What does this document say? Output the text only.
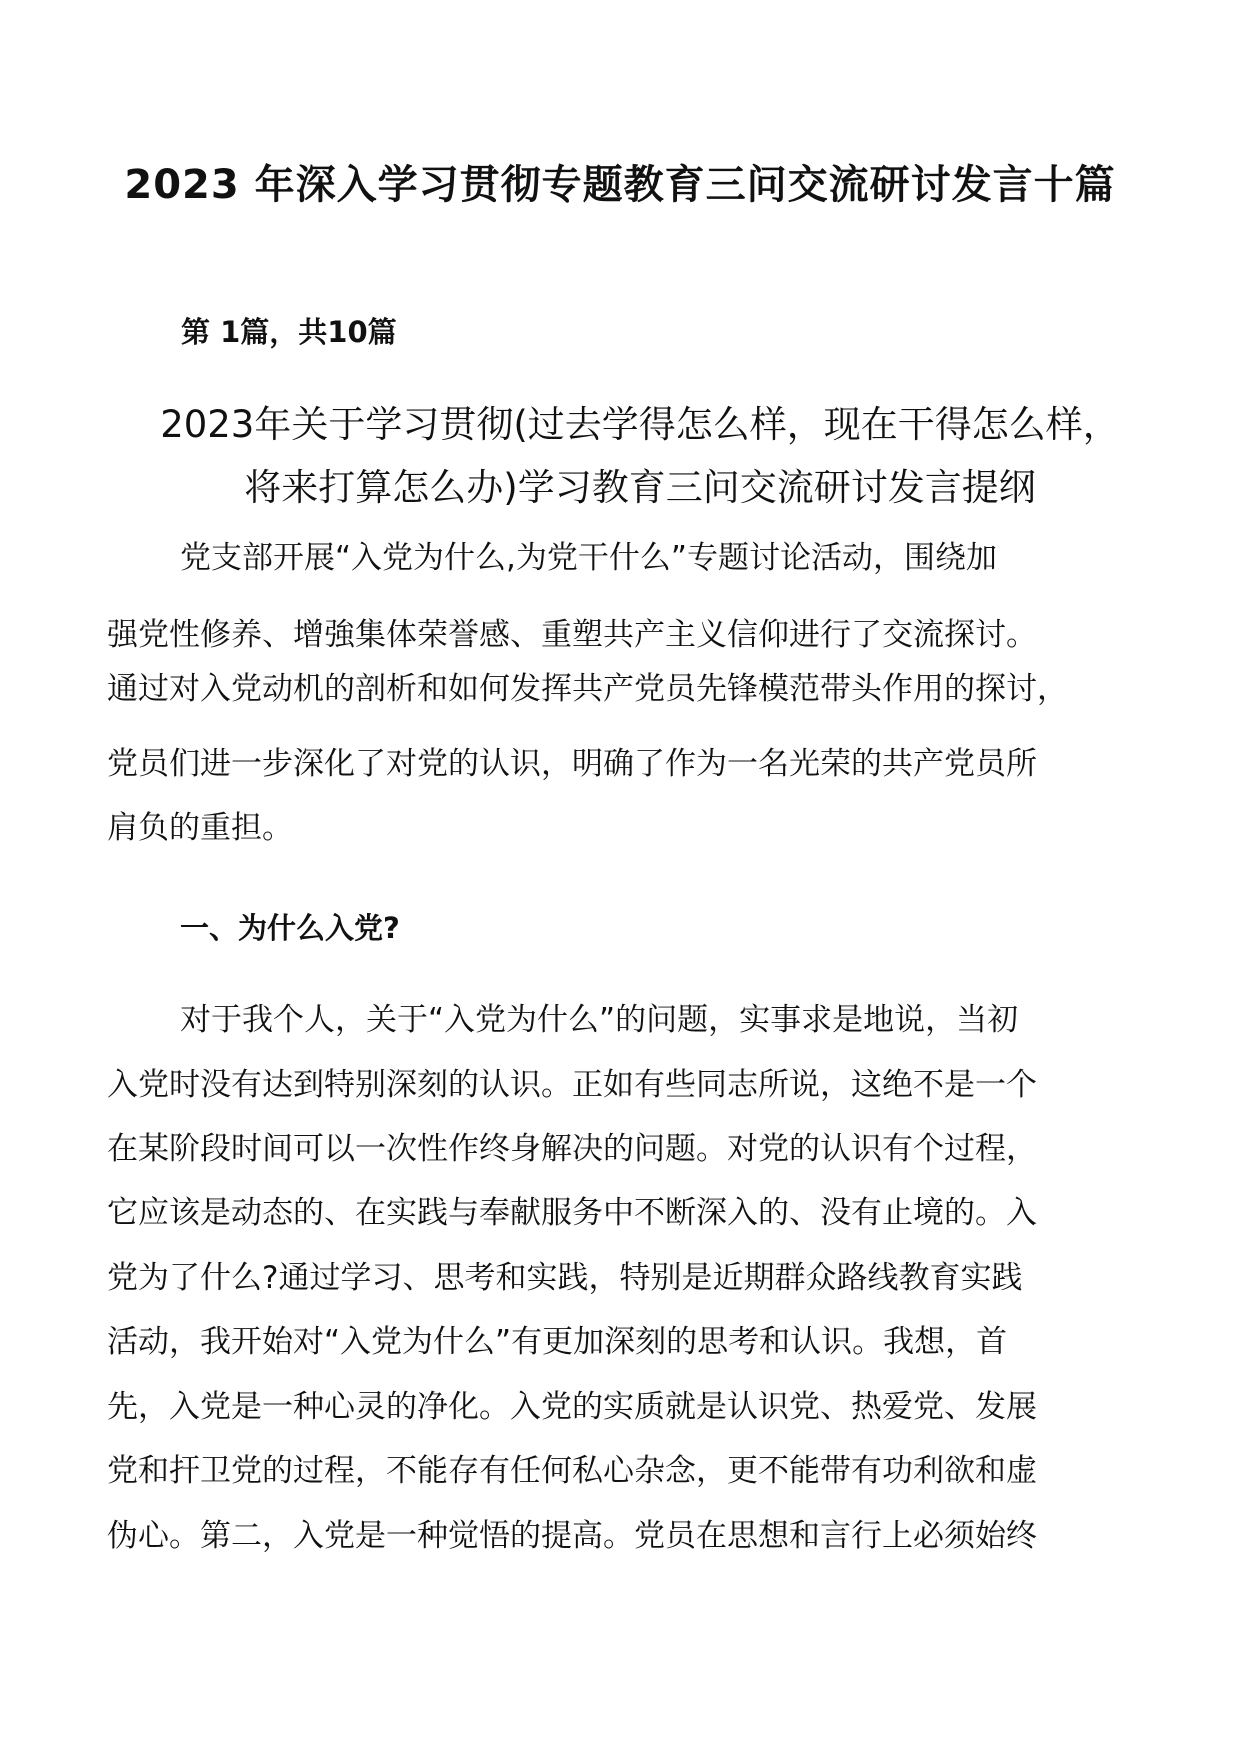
2023 年深入学习贯彻专题教育三问交流研讨发言十篇
第 1篇，共10篇
2023年关于学习贯彻(过去学得怎么样，现在干得怎么样，将来打算怎么办)学习教育三问交流研讨发言提纲
党支部开展“入党为什么,为党干什么”专题讨论活动，围绕加
强党性修养、增強集体荣誉感、重塑共产主义信仰进行了交流探讨。
通过对入党动机的剖析和如何发挥共产党员先锋模范带头作用的探讨，
党员们进一步深化了对党的认识，明确了作为一名光荣的共产党员所
肩负的重担。
一、为什么入党?
对于我个人，关于“入党为什么”的问题，实事求是地说，当初
入党时没有达到特别深刻的认识。正如有些同志所说，这绝不是一个
在某阶段时间可以一次性作终身解决的问题。对党的认识有个过程，
它应该是动态的、在实践与奉献服务中不断深入的、没有止境的。入
党为了什么?通过学习、思考和实践，特别是近期群众路线教育实践
活动，我开始对“入党为什么”有更加深刻的思考和认识。我想，首
先，入党是一种心灵的净化。入党的实质就是认识党、热爱党、发展
党和扞卫党的过程，不能存有任何私心杂念，更不能带有功利欲和虚
伪心。第二，入党是一种觉悟的提高。党员在思想和言行上必须始终
